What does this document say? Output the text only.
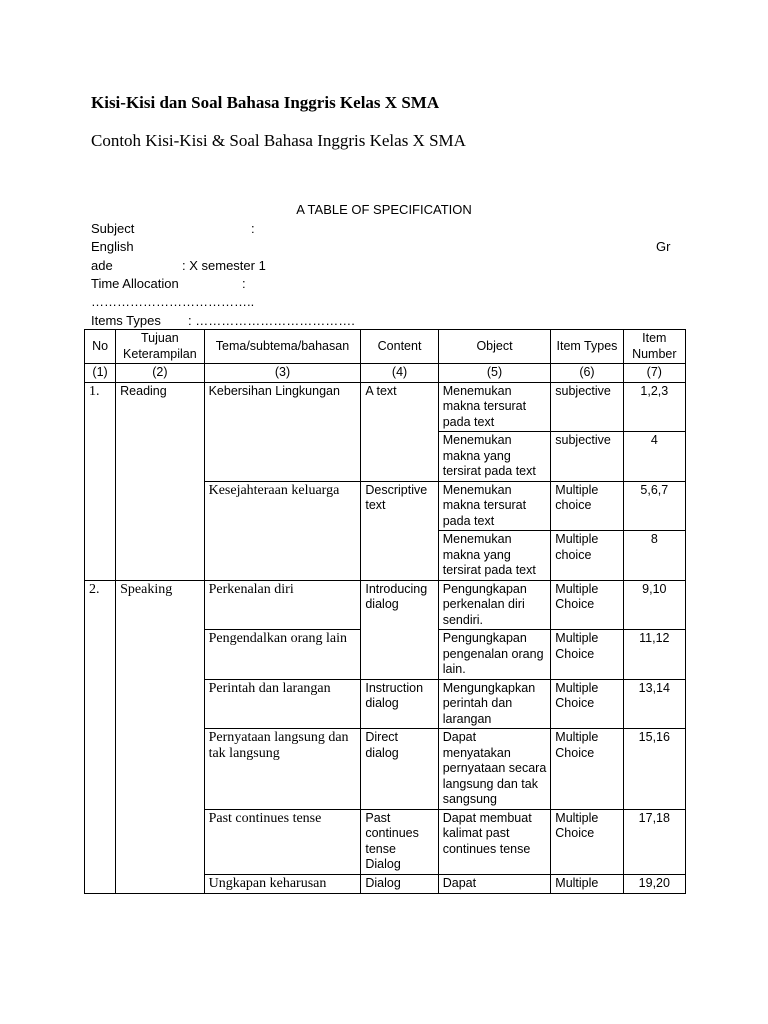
Kisi-Kisi dan Soal Bahasa Inggris Kelas X SMA
Contoh Kisi-Kisi & Soal Bahasa Inggris Kelas X SMA
A TABLE OF SPECIFICATION
Subject	:
English	Gr
ade	: X semester 1
Time Allocation	:
………………………………..
Items Types : ……………………………….
No	Tujuan Keterampilan	Tema/subtema/bahasan	Content	Object	Item Types	Item Number
(1)	(2)	(3)	(4)	(5)	(6)	(7)
1.	Reading	Kebersihan Lingkungan	A text	Menemukan makna tersurat pada text	subjective	1,2,3
				Menemukan makna yang tersirat pada text	subjective	4
		Kesejahteraan keluarga	Descriptive text	Menemukan makna tersurat pada text	Multiple choice	5,6,7
				Menemukan makna yang tersirat pada text	Multiple choice	8
2.	Speaking	Perkenalan diri	Introducing dialog	Pengungkapan perkenalan diri sendiri.	Multiple Choice	9,10
		Pengendalkan orang lain		Pengungkapan pengenalan orang lain.	Multiple Choice	11,12
		Perintah dan larangan	Instruction dialog	Mengungkapkan perintah dan larangan	Multiple Choice	13,14
		Pernyataan langsung dan tak langsung	Direct dialog	Dapat menyatakan pernyataan secara langsung dan tak sangsung	Multiple Choice	15,16
		Past continues tense	Past continues tense Dialog	Dapat membuat kalimat past continues tense	Multiple Choice	17,18
		Ungkapan keharusan	Dialog	Dapat	Multiple	19,20
